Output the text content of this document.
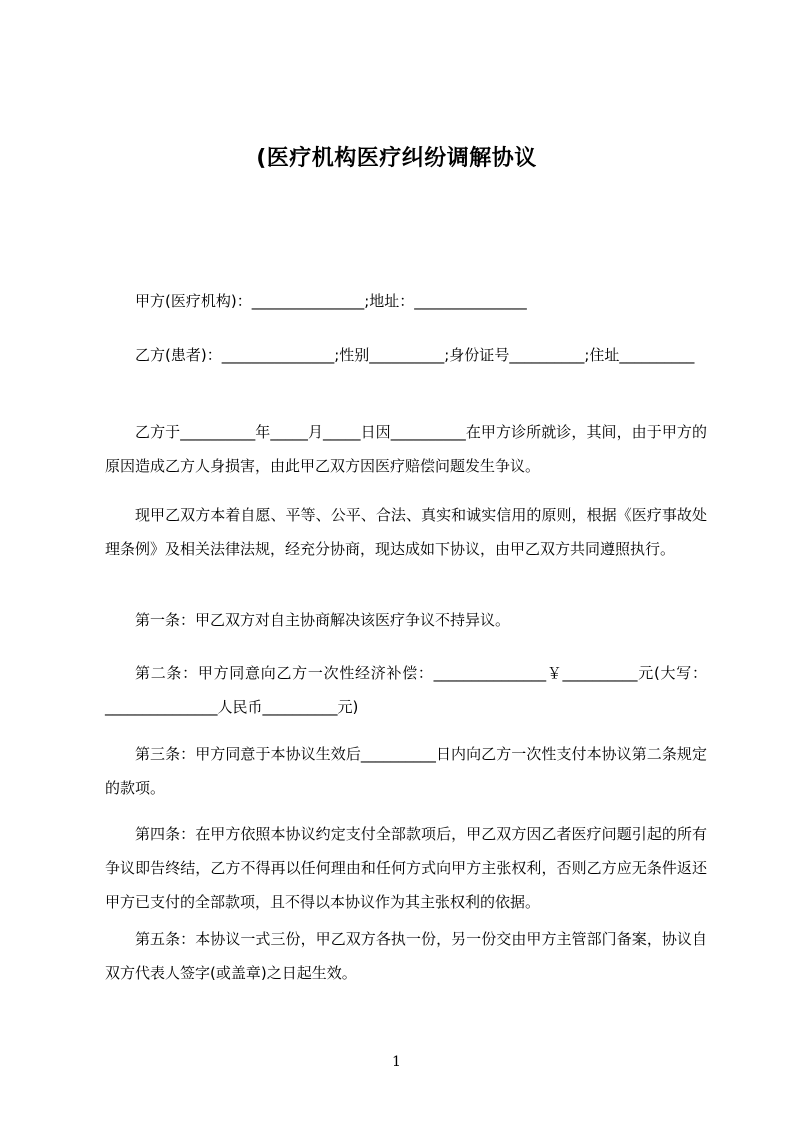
(医疗机构医疗纠纷调解协议
甲方(医疗机构)：_______________;地址：_______________
乙方(患者)：_______________;性别__________;身份证号__________;住址__________
乙方于__________年_____月_____日因__________在甲方诊所就诊，其间，由于甲方的原因造成乙方人身损害，由此甲乙双方因医疗赔偿问题发生争议。
现甲乙双方本着自愿、平等、公平、合法、真实和诚实信用的原则，根据《医疗事故处理条例》及相关法律法规，经充分协商，现达成如下协议，由甲乙双方共同遵照执行。
第一条：甲乙双方对自主协商解决该医疗争议不持异议。
第二条：甲方同意向乙方一次性经济补偿：_______________￥__________元(大写：_______________人民币__________元)
第三条：甲方同意于本协议生效后__________日内向乙方一次性支付本协议第二条规定的款项。
第四条：在甲方依照本协议约定支付全部款项后，甲乙双方因乙者医疗问题引起的所有争议即告终结，乙方不得再以任何理由和任何方式向甲方主张权利，否则乙方应无条件返还甲方已支付的全部款项，且不得以本协议作为其主张权利的依据。
第五条：本协议一式三份，甲乙双方各执一份，另一份交由甲方主管部门备案，协议自双方代表人签字(或盖章)之日起生效。
1
